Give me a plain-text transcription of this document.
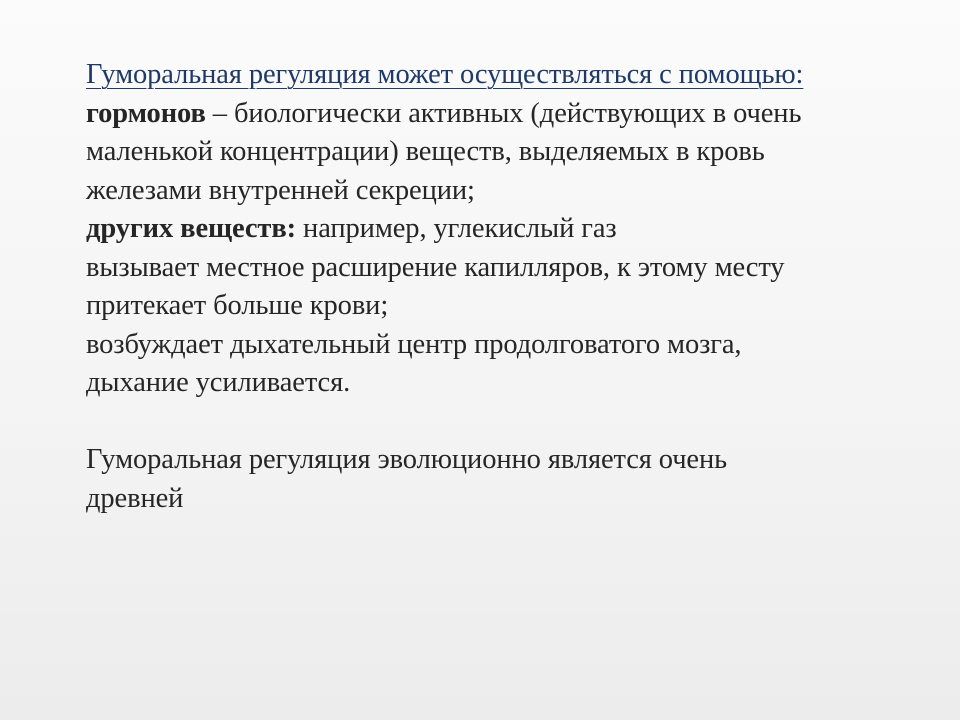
Гуморальная регуляция может осуществляться с помощью:
гормонов – биологически активных (действующих в очень
маленькой концентрации) веществ, выделяемых в кровь
железами внутренней секреции;
других веществ: например, углекислый газ
вызывает местное расширение капилляров, к этому месту
притекает больше крови;
возбуждает дыхательный центр продолговатого мозга,
дыхание усиливается.
Гуморальная регуляция эволюционно является очень
древней
